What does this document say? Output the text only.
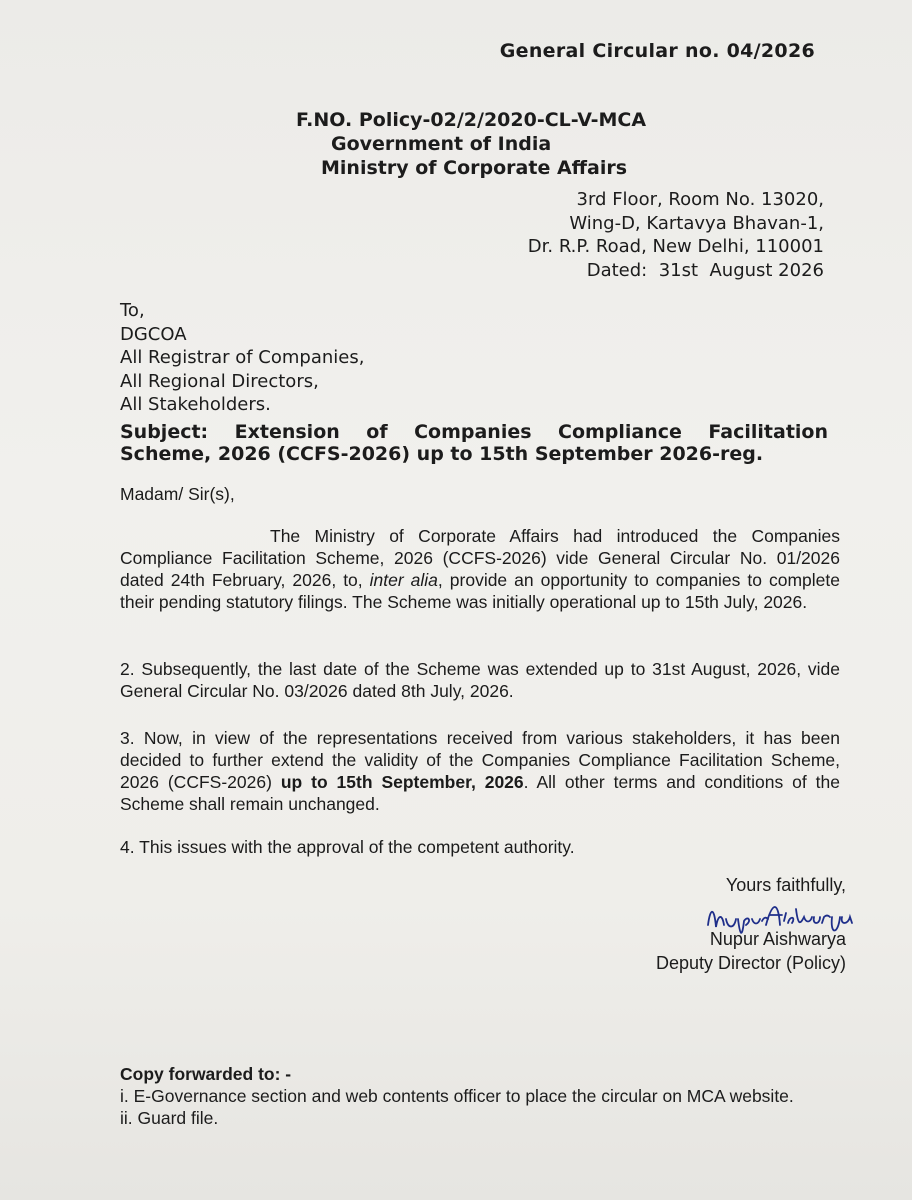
General Circular no. 04/2026
F.NO. Policy-02/2/2020-CL-V-MCA
Government of India
Ministry of Corporate Affairs
3rd Floor, Room No. 13020,
Wing-D, Kartavya Bhavan-1,
Dr. R.P. Road, New Delhi, 110001
Dated:  31st  August 2026
To,
DGCOA
All Registrar of Companies,
All Regional Directors,
All Stakeholders.
Subject: Extension of Companies Compliance Facilitation
Scheme, 2026 (CCFS-2026) up to 15th September 2026-reg.
Madam/ Sir(s),
The Ministry of Corporate Affairs had introduced the Companies Compliance Facilitation Scheme, 2026 (CCFS-2026) vide General Circular No. 01/2026 dated 24th February, 2026, to, inter alia, provide an opportunity to companies to complete their pending statutory filings. The Scheme was initially operational up to 15th July, 2026.
2. Subsequently, the last date of the Scheme was extended up to 31st August, 2026, vide General Circular No. 03/2026 dated 8th July, 2026.
3. Now, in view of the representations received from various stakeholders, it has been decided to further extend the validity of the Companies Compliance Facilitation Scheme, 2026 (CCFS-2026) up to 15th September, 2026. All other terms and conditions of the Scheme shall remain unchanged.
4. This issues with the approval of the competent authority.
Yours faithfully,
Nupur Aishwarya
Deputy Director (Policy)
Copy forwarded to: -
i. E-Governance section and web contents officer to place the circular on MCA website.
ii. Guard file.
